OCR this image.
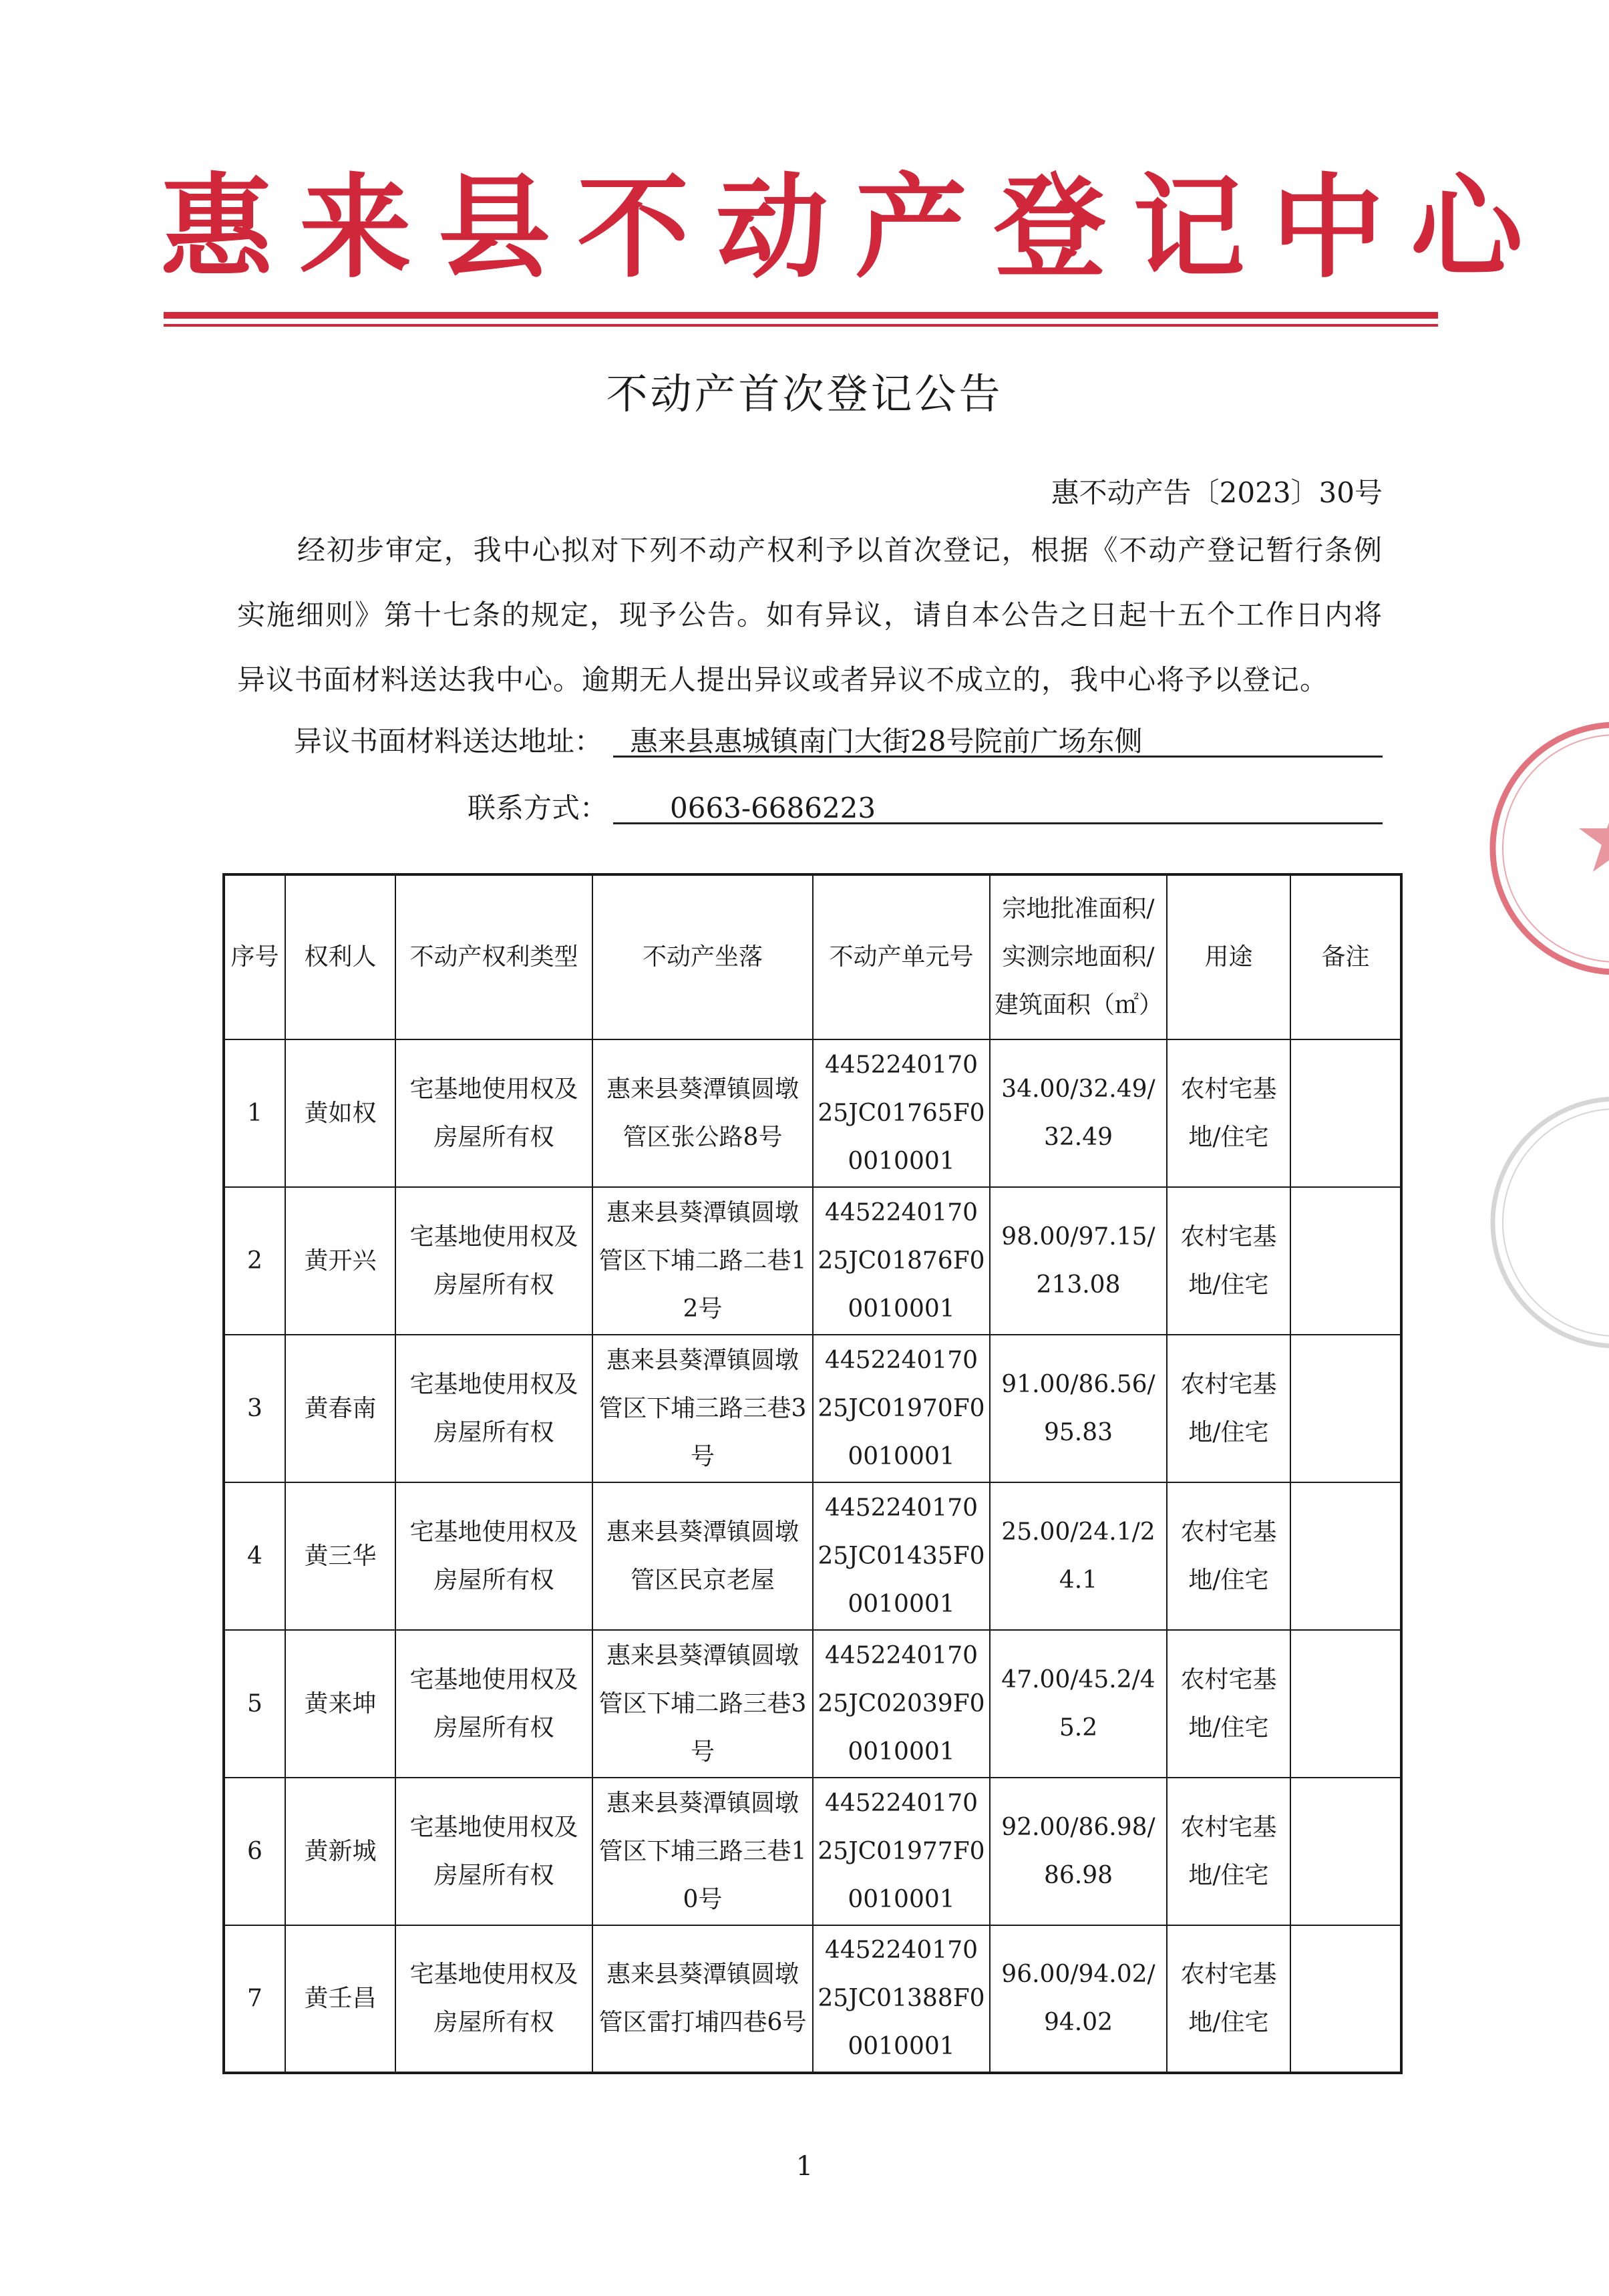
惠来县不动产登记中心
不动产首次登记公告
惠不动产告〔2023〕30号
经初步审定，我中心拟对下列不动产权利予以首次登记，根据《不动产登记暂行条例实施细则》第十七条的规定，现予公告。如有异议，请自本公告之日起十五个工作日内将异议书面材料送达我中心。逾期无人提出异议或者异议不成立的，我中心将予以登记。
异议书面材料送达地址： 惠来县惠城镇南门大街28号院前广场东侧
联系方式：	0663-6686223
序号	权利人	不动产权利类型	不动产坐落	不动产单元号	宗地批准面积/实测宗地面积/建筑面积（㎡）	用途	备注
1	黄如权	宅基地使用权及房屋所有权	惠来县葵潭镇圆墩管区张公路8号	445224017025JC01765F00010001	34.00/32.49/32.49	农村宅基地/住宅	
2	黄开兴	宅基地使用权及房屋所有权	惠来县葵潭镇圆墩管区下埔二路二巷12号	445224017025JC01876F00010001	98.00/97.15/213.08	农村宅基地/住宅	
3	黄春南	宅基地使用权及房屋所有权	惠来县葵潭镇圆墩管区下埔三路三巷3号	445224017025JC01970F00010001	91.00/86.56/95.83	农村宅基地/住宅	
4	黄三华	宅基地使用权及房屋所有权	惠来县葵潭镇圆墩管区民京老屋	445224017025JC01435F00010001	25.00/24.1/24.1	农村宅基地/住宅	
5	黄来坤	宅基地使用权及房屋所有权	惠来县葵潭镇圆墩管区下埔二路三巷3号	445224017025JC02039F00010001	47.00/45.2/45.2	农村宅基地/住宅	
6	黄新城	宅基地使用权及房屋所有权	惠来县葵潭镇圆墩管区下埔三路三巷10号	445224017025JC01977F00010001	92.00/86.98/86.98	农村宅基地/住宅	
7	黄壬昌	宅基地使用权及房屋所有权	惠来县葵潭镇圆墩管区雷打埔四巷6号	445224017025JC01388F00010001	96.00/94.02/94.02	农村宅基地/住宅	
1
